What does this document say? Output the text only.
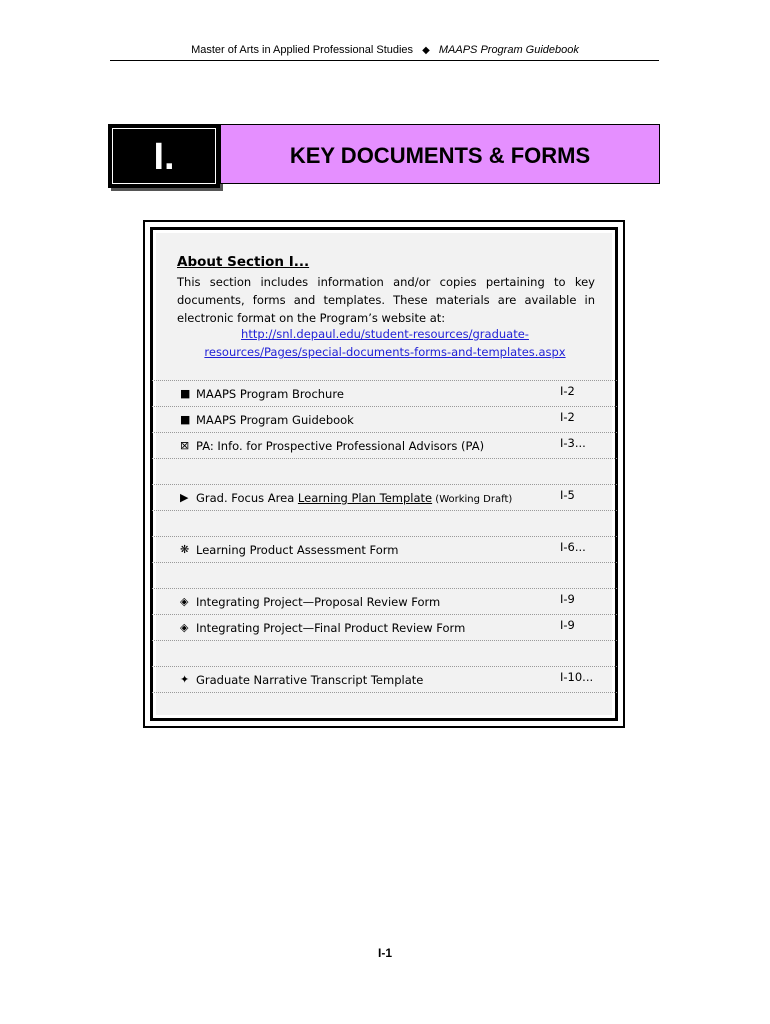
Master of Arts in Applied Professional Studies ◆ MAAPS Program Guidebook
I.	KEY DOCUMENTS & FORMS
About Section I...
This section includes information and/or copies pertaining to key documents, forms and templates. These materials are available in electronic format on the Program’s website at:
http://snl.depaul.edu/student-resources/graduate-
resources/Pages/special-documents-forms-and-templates.aspx
■ MAAPS Program Brochure	I-2
■ MAAPS Program Guidebook	I-2
⊠ PA: Info. for Prospective Professional Advisors (PA)	I-3...
▶ Grad. Focus Area Learning Plan Template (Working Draft)	I-5
❋ Learning Product Assessment Form	I-6...
◈ Integrating Project—Proposal Review Form	I-9
◈ Integrating Project—Final Product Review Form	I-9
✦ Graduate Narrative Transcript Template	I-10...
I-1
